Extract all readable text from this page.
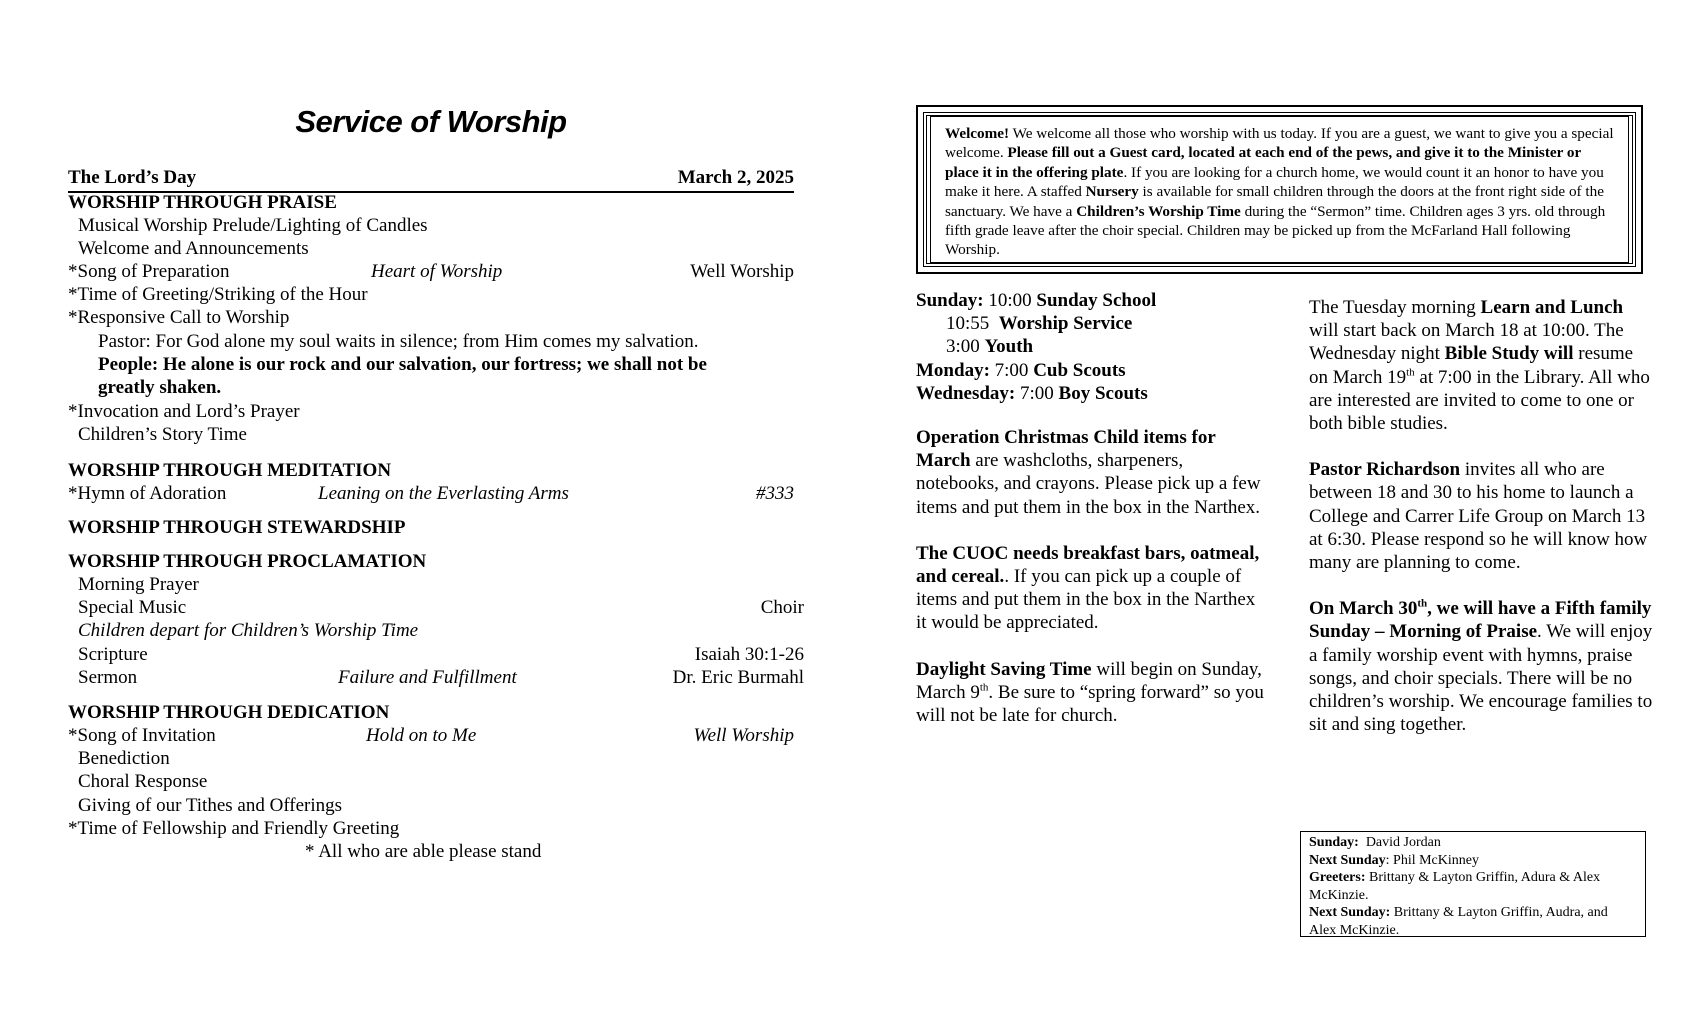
Service of Worship
The Lord’s Day	March 2, 2025
WORSHIP THROUGH PRAISE
Musical Worship Prelude/Lighting of Candles
Welcome and Announcements
*Song of Preparation	Heart of Worship	Well Worship
*Time of Greeting/Striking of the Hour
*Responsive Call to Worship
Pastor: For God alone my soul waits in silence; from Him comes my salvation.
People: He alone is our rock and our salvation, our fortress; we shall not be
greatly shaken.
*Invocation and Lord’s Prayer
Children’s Story Time
WORSHIP THROUGH MEDITATION
*Hymn of Adoration	Leaning on the Everlasting Arms	#333
WORSHIP THROUGH STEWARDSHIP
WORSHIP THROUGH PROCLAMATION
Morning Prayer
Special Music	Choir
Children depart for Children’s Worship Time
Scripture	Isaiah 30:1-26
Sermon	Failure and Fulfillment	Dr. Eric Burmahl
WORSHIP THROUGH DEDICATION
*Song of Invitation	Hold on to Me	Well Worship
Benediction
Choral Response
Giving of our Tithes and Offerings
*Time of Fellowship and Friendly Greeting
* All who are able please stand
Welcome! We welcome all those who worship with us today. If you are a guest, we want to give you a special welcome. Please fill out a Guest card, located at each end of the pews, and give it to the Minister or place it in the offering plate. If you are looking for a church home, we would count it an honor to have you make it here. A staffed Nursery is available for small children through the doors at the front right side of the sanctuary. We have a Children’s Worship Time during the “Sermon” time. Children ages 3 yrs. old through fifth grade leave after the choir special. Children may be picked up from the McFarland Hall following Worship.

Sunday: 10:00 Sunday School

10:55  Worship Service

3:00 Youth

Monday: 7:00 Cub Scouts

Wednesday: 7:00 Boy Scouts

Operation Christmas Child items for March are washcloths, sharpeners, notebooks, and crayons. Please pick up a few items and put them in the box in the Narthex.

The CUOC needs breakfast bars, oatmeal, and cereal.. If you can pick up a couple of items and put them in the box in the Narthex it would be appreciated.

Daylight Saving Time will begin on Sunday, March 9th. Be sure to “spring forward” so you will not be late for church.

The Tuesday morning Learn and Lunch will start back on March 18 at 10:00. The Wednesday night Bible Study will resume on March 19th at 7:00 in the Library. All who are interested are invited to come to one or both bible studies.

Pastor Richardson invites all who are between 18 and 30 to his home to launch a College and Carrer Life Group on March 13 at 6:30. Please respond so he will know how many are planning to come.

On March 30th, we will have a Fifth family Sunday – Morning of Praise. We will enjoy a family worship event with hymns, praise songs, and choir specials. There will be no children’s worship. We encourage families to sit and sing together.

Sunday:  David Jordan
Next Sunday: Phil McKinney
Greeters: Brittany & Layton Griffin, Adura & Alex McKinzie.
Next Sunday: Brittany & Layton Griffin, Audra, and Alex McKinzie.
